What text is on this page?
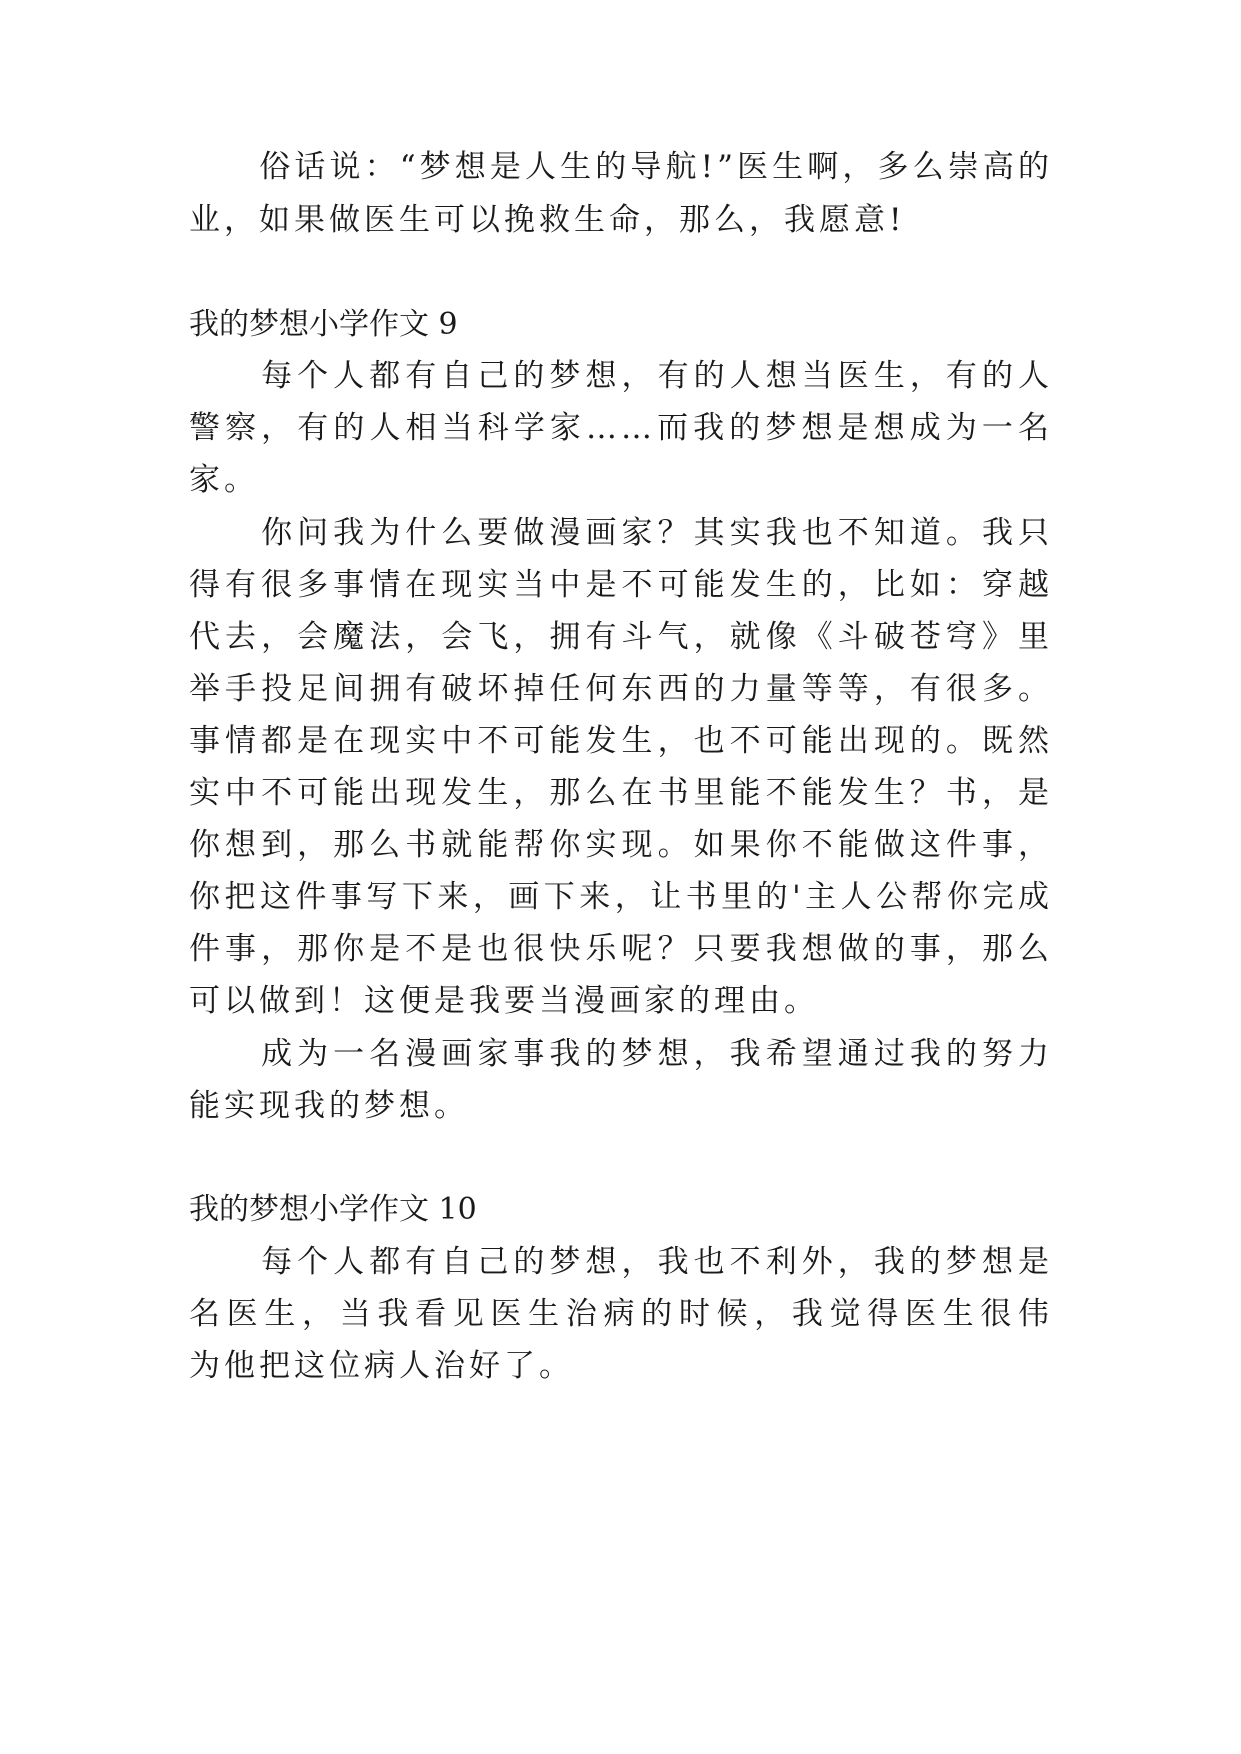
　　俗话说：“梦想是人生的导航!”医生啊，多么崇高的
业，如果做医生可以挽救生命，那么，我愿意!
我的梦想小学作文 9
　　每个人都有自己的梦想，有的人想当医生，有的人
警察，有的人相当科学家……而我的梦想是想成为一名
家。
　　你问我为什么要做漫画家？其实我也不知道。我只
得有很多事情在现实当中是不可能发生的，比如：穿越
代去，会魔法，会飞，拥有斗气，就像《斗破苍穹》里
举手投足间拥有破坏掉任何东西的力量等等，有很多。
事情都是在现实中不可能发生，也不可能出现的。既然
实中不可能出现发生，那么在书里能不能发生？书，是
你想到，那么书就能帮你实现。如果你不能做这件事，
你把这件事写下来，画下来，让书里的'主人公帮你完成
件事，那你是不是也很快乐呢？只要我想做的事，那么
可以做到！这便是我要当漫画家的理由。
　　成为一名漫画家事我的梦想，我希望通过我的努力
能实现我的梦想。
我的梦想小学作文 10
　　每个人都有自己的梦想，我也不利外，我的梦想是
名医生，当我看见医生治病的时候，我觉得医生很伟
为他把这位病人治好了。
